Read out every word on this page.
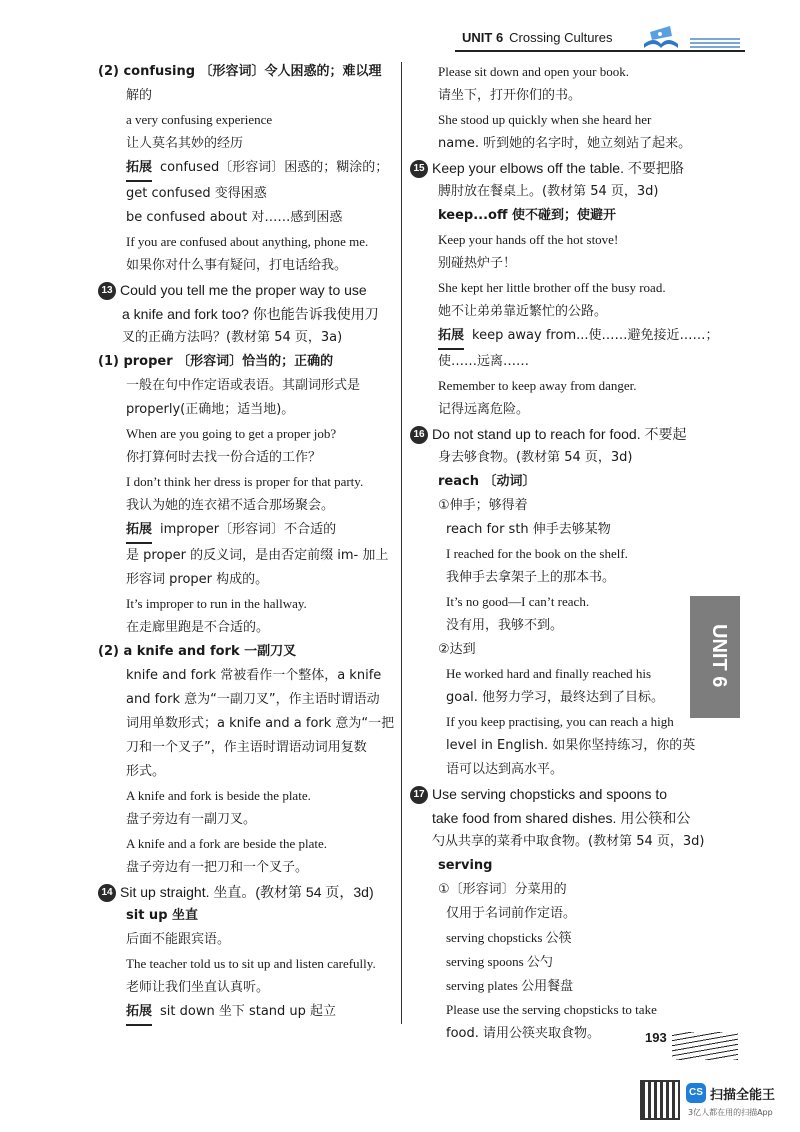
UNIT 6 Crossing Cultures
(2) confusing 〔形容词〕令人困惑的；难以理
解的
a very confusing experience
让人莫名其妙的经历
拓展 confused〔形容词〕困惑的；糊涂的；
get confused 变得困惑
be confused about 对……感到困惑
If you are confused about anything, phone me.
如果你对什么事有疑问，打电话给我。
13 Could you tell me the proper way to use
a knife and fork too? 你也能告诉我使用刀
叉的正确方法吗？(教材第 54 页，3a)
(1) proper 〔形容词〕恰当的；正确的
一般在句中作定语或表语。其副词形式是
properly(正确地；适当地)。
When are you going to get a proper job?
你打算何时去找一份合适的工作？
I don’t think her dress is proper for that party.
我认为她的连衣裙不适合那场聚会。
拓展 improper〔形容词〕不合适的
是 proper 的反义词，是由否定前缀 im- 加上
形容词 proper 构成的。
It’s improper to run in the hallway.
在走廊里跑是不合适的。
(2) a knife and fork 一副刀叉
knife and fork 常被看作一个整体，a knife
and fork 意为“一副刀叉”，作主语时谓语动
词用单数形式；a knife and a fork 意为“一把
刀和一个叉子”，作主语时谓语动词用复数
形式。
A knife and fork is beside the plate.
盘子旁边有一副刀叉。
A knife and a fork are beside the plate.
盘子旁边有一把刀和一个叉子。
14 Sit up straight. 坐直。(教材第 54 页，3d)
sit up 坐直
后面不能跟宾语。
The teacher told us to sit up and listen carefully.
老师让我们坐直认真听。
拓展 sit down 坐下 stand up 起立
Please sit down and open your book.
请坐下，打开你们的书。
She stood up quickly when she heard her
name. 听到她的名字时，她立刻站了起来。
15 Keep your elbows off the table. 不要把胳
膊肘放在餐桌上。(教材第 54 页，3d)
keep...off 使不碰到；使避开
Keep your hands off the hot stove!
别碰热炉子！
She kept her little brother off the busy road.
她不让弟弟靠近繁忙的公路。
拓展 keep away from...使……避免接近……；
使……远离……
Remember to keep away from danger.
记得远离危险。
16 Do not stand up to reach for food. 不要起
身去够食物。(教材第 54 页，3d)
reach 〔动词〕
①伸手；够得着
reach for sth 伸手去够某物
I reached for the book on the shelf.
我伸手去拿架子上的那本书。
It’s no good—I can’t reach.
没有用，我够不到。
②达到
He worked hard and finally reached his
goal. 他努力学习，最终达到了目标。
If you keep practising, you can reach a high
level in English. 如果你坚持练习，你的英
语可以达到高水平。
17 Use serving chopsticks and spoons to
take food from shared dishes. 用公筷和公
勺从共享的菜肴中取食物。(教材第 54 页，3d)
serving
①〔形容词〕分菜用的
仅用于名词前作定语。
serving chopsticks 公筷
serving spoons 公勺
serving plates 公用餐盘
Please use the serving chopsticks to take
food. 请用公筷夹取食物。
UNIT 6
193
CS 扫描全能王
3亿人都在用的扫描App
